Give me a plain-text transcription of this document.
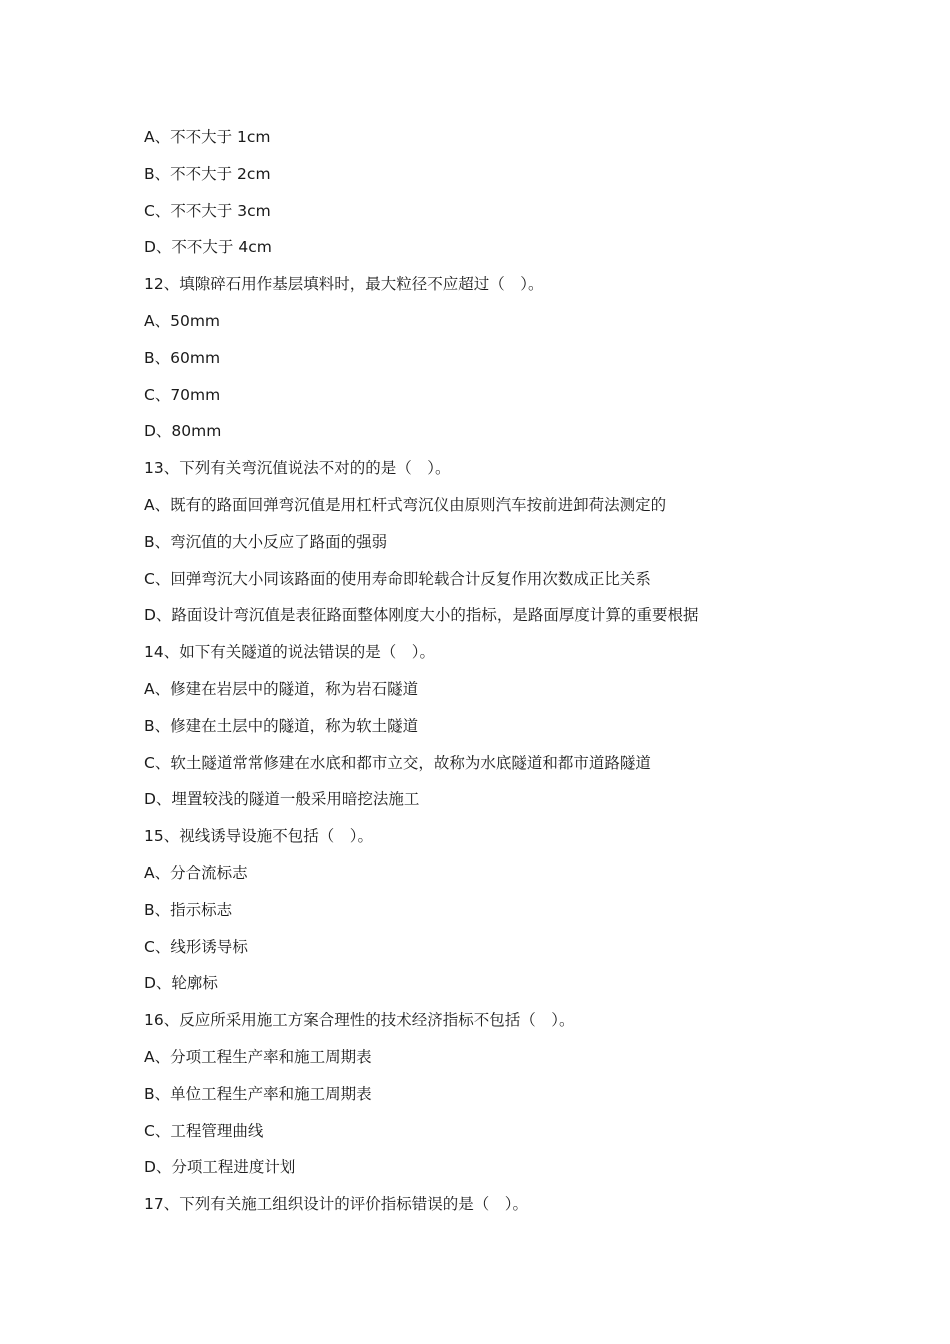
A、不不大于 1cm
B、不不大于 2cm
C、不不大于 3cm
D、不不大于 4cm
12、填隙碎石用作基层填料时，最大粒径不应超过（　）。
A、50mm
B、60mm
C、70mm
D、80mm
13、下列有关弯沉值说法不对的的是（　）。
A、既有的路面回弹弯沉值是用杠杆式弯沉仪由原则汽车按前进卸荷法测定的
B、弯沉值的大小反应了路面的强弱
C、回弹弯沉大小同该路面的使用寿命即轮载合计反复作用次数成正比关系
D、路面设计弯沉值是表征路面整体刚度大小的指标，是路面厚度计算的重要根据
14、如下有关隧道的说法错误的是（　）。
A、修建在岩层中的隧道，称为岩石隧道
B、修建在土层中的隧道，称为软土隧道
C、软土隧道常常修建在水底和都市立交，故称为水底隧道和都市道路隧道
D、埋置较浅的隧道一般采用暗挖法施工
15、视线诱导设施不包括（　）。
A、分合流标志
B、指示标志
C、线形诱导标
D、轮廓标
16、反应所采用施工方案合理性的技术经济指标不包括（　）。
A、分项工程生产率和施工周期表
B、单位工程生产率和施工周期表
C、工程管理曲线
D、分项工程进度计划
17、下列有关施工组织设计的评价指标错误的是（　）。
